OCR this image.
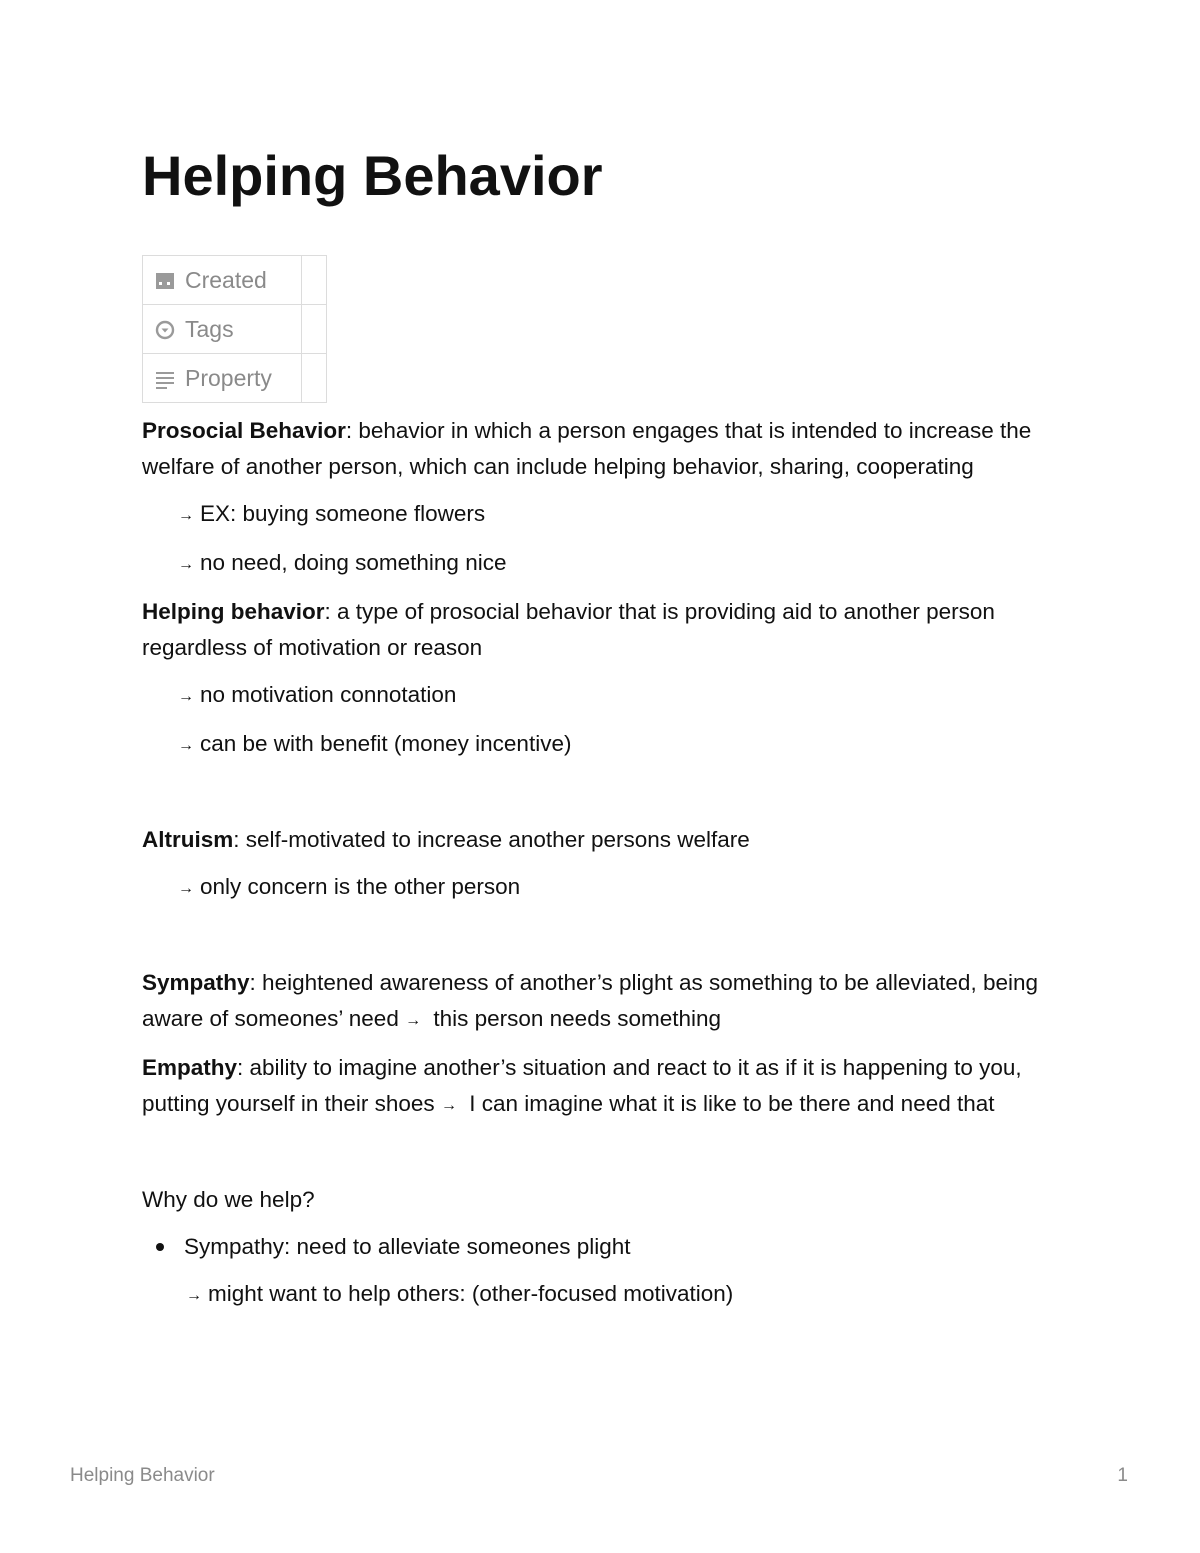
Helping Behavior
Created	
Tags	
Property	

Prosocial Behavior: behavior in which a person engages that is intended to increase the welfare of another person, which can include helping behavior, sharing, cooperating

→ EX: buying someone flowers

→ no need, doing something nice

Helping behavior: a type of prosocial behavior that is providing aid to another person regardless of motivation or reason

→ no motivation connotation

→ can be with benefit (money incentive)

Altruism: self-motivated to increase another persons welfare

→ only concern is the other person

Sympathy: heightened awareness of another’s plight as something to be alleviated, being aware of someones’ need → this person needs something

Empathy: ability to imagine another’s situation and react to it as if it is happening to you, putting yourself in their shoes → I can imagine what it is like to be there and need that

Why do we help?

Sympathy: need to alleviate someones plight

→ might want to help others: (other-focused motivation)

Helping Behavior	1
